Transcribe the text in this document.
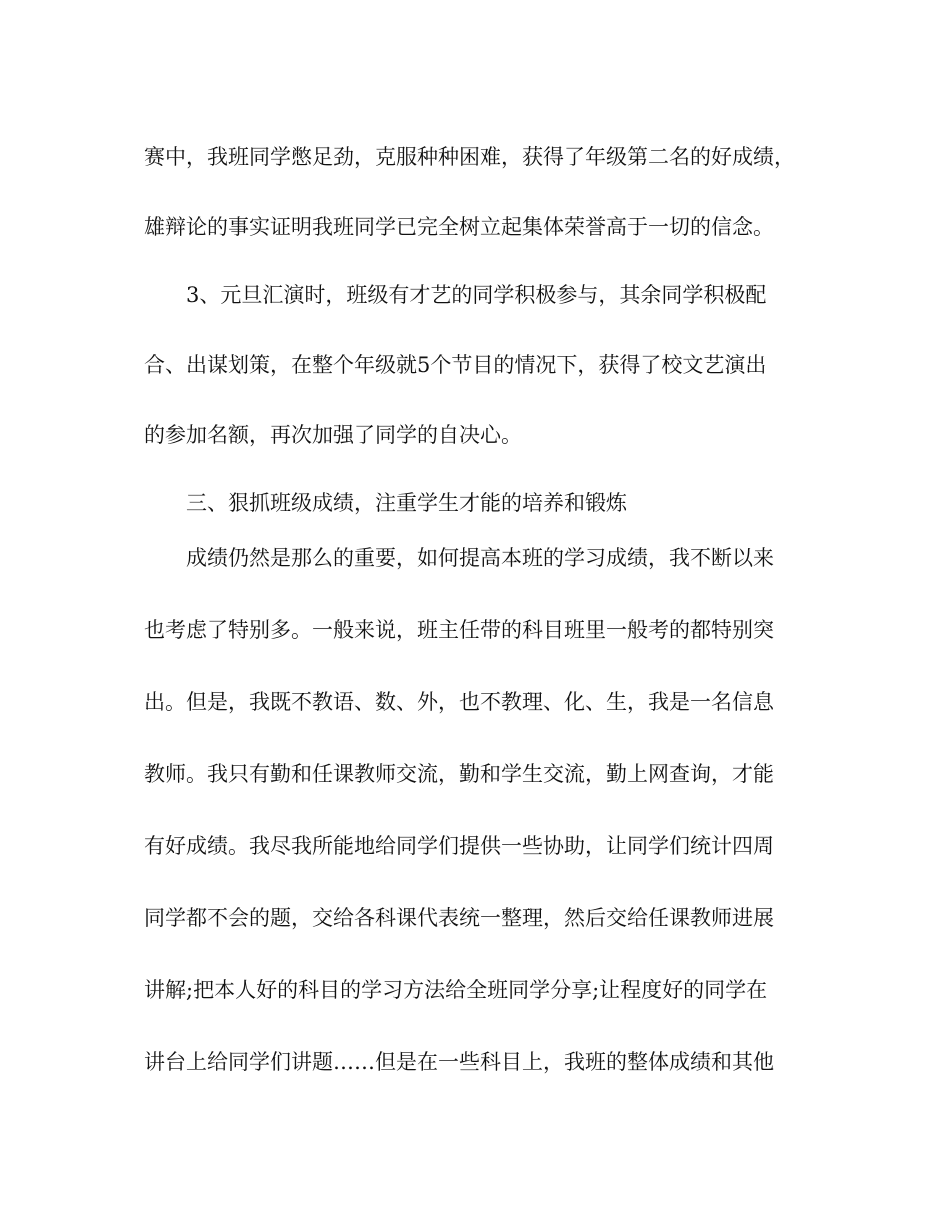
赛中，我班同学憋足劲，克服种种困难，获得了年级第二名的好成绩，
雄辩论的事实证明我班同学已完全树立起集体荣誉高于一切的信念。
3、元旦汇演时，班级有才艺的同学积极参与，其余同学积极配
合、出谋划策，在整个年级就5个节目的情况下，获得了校文艺演出
的参加名额，再次加强了同学的自决心。
三、狠抓班级成绩，注重学生才能的培养和锻炼
成绩仍然是那么的重要，如何提高本班的学习成绩，我不断以来
也考虑了特别多。一般来说，班主任带的科目班里一般考的都特别突
出。但是，我既不教语、数、外，也不教理、化、生，我是一名信息
教师。我只有勤和任课教师交流，勤和学生交流，勤上网查询，才能
有好成绩。我尽我所能地给同学们提供一些协助，让同学们统计四周
同学都不会的题，交给各科课代表统一整理，然后交给任课教师进展
讲解;把本人好的科目的学习方法给全班同学分享;让程度好的同学在
讲台上给同学们讲题……但是在一些科目上，我班的整体成绩和其他
